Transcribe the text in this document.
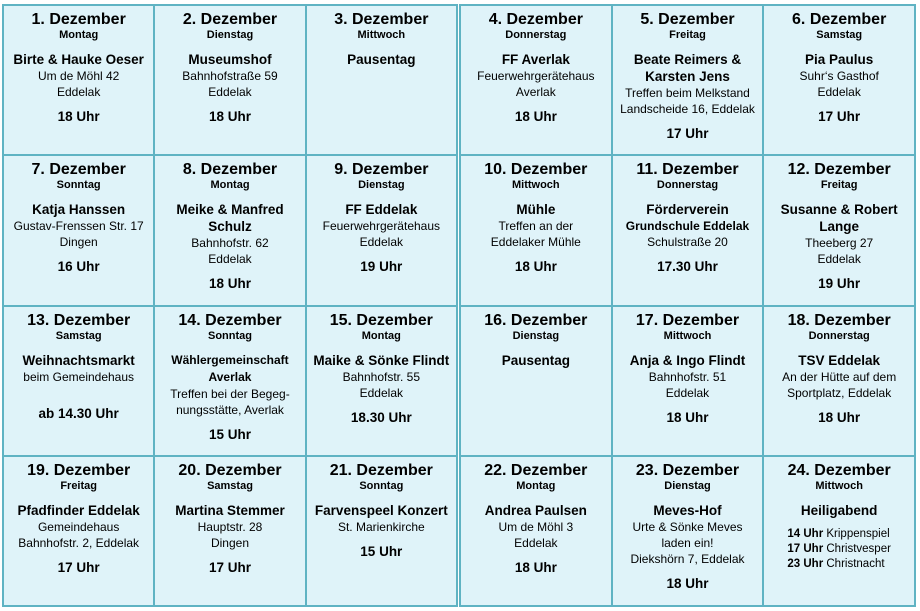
1. Dezember
Montag
Birte & Hauke Oeser
Um de Möhl 42
Eddelak
18 Uhr
2. Dezember
Dienstag
Museumshof
Bahnhofstraße 59
Eddelak
18 Uhr
3. Dezember
Mittwoch
Pausentag
7. Dezember
Sonntag
Katja Hanssen
Gustav-Frenssen Str. 17
Dingen
16 Uhr
8. Dezember
Montag
Meike & Manfred Schulz
Bahnhofstr. 62
Eddelak
18 Uhr
9. Dezember
Dienstag
FF Eddelak
Feuerwehrgerätehaus
Eddelak
19 Uhr
13. Dezember
Samstag
Weihnachtsmarkt
beim Gemeindehaus
ab 14.30 Uhr
14. Dezember
Sonntag
Wählergemeinschaft Averlak
Treffen bei der Begeg-
nungsstätte, Averlak
15 Uhr
15. Dezember
Montag
Maike & Sönke Flindt
Bahnhofstr. 55
Eddelak
18.30 Uhr
19. Dezember
Freitag
Pfadfinder Eddelak
Gemeindehaus
Bahnhofstr. 2, Eddelak
17 Uhr
20. Dezember
Samstag
Martina Stemmer
Hauptstr. 28
Dingen
17 Uhr
21. Dezember
Sonntag
Farvenspeel Konzert
St. Marienkirche
15 Uhr
4. Dezember
Donnerstag
FF Averlak
Feuerwehrgerätehaus
Averlak
18 Uhr
5. Dezember
Freitag
Beate Reimers & Karsten Jens
Treffen beim Melkstand
Landscheide 16, Eddelak
17 Uhr
6. Dezember
Samstag
Pia Paulus
Suhr‘s Gasthof
Eddelak
17 Uhr
10. Dezember
Mittwoch
Mühle
Treffen an der
Eddelaker Mühle
18 Uhr
11. Dezember
Donnerstag
Förderverein
Grundschule Eddelak
Schulstraße 20
17.30 Uhr
12. Dezember
Freitag
Susanne & Robert Lange
Theeberg 27
Eddelak
19 Uhr
16. Dezember
Dienstag
Pausentag
17. Dezember
Mittwoch
Anja & Ingo Flindt
Bahnhofstr. 51
Eddelak
18 Uhr
18. Dezember
Donnerstag
TSV Eddelak
An der Hütte auf dem
Sportplatz, Eddelak
18 Uhr
22. Dezember
Montag
Andrea Paulsen
Um de Möhl 3
Eddelak
18 Uhr
23. Dezember
Dienstag
Meves-Hof
Urte & Sönke Meves
laden ein!
Diekshörn 7, Eddelak
18 Uhr
24. Dezember
Mittwoch
Heiligabend
14 Uhr Krippenspiel
17 Uhr Christvesper
23 Uhr Christnacht
